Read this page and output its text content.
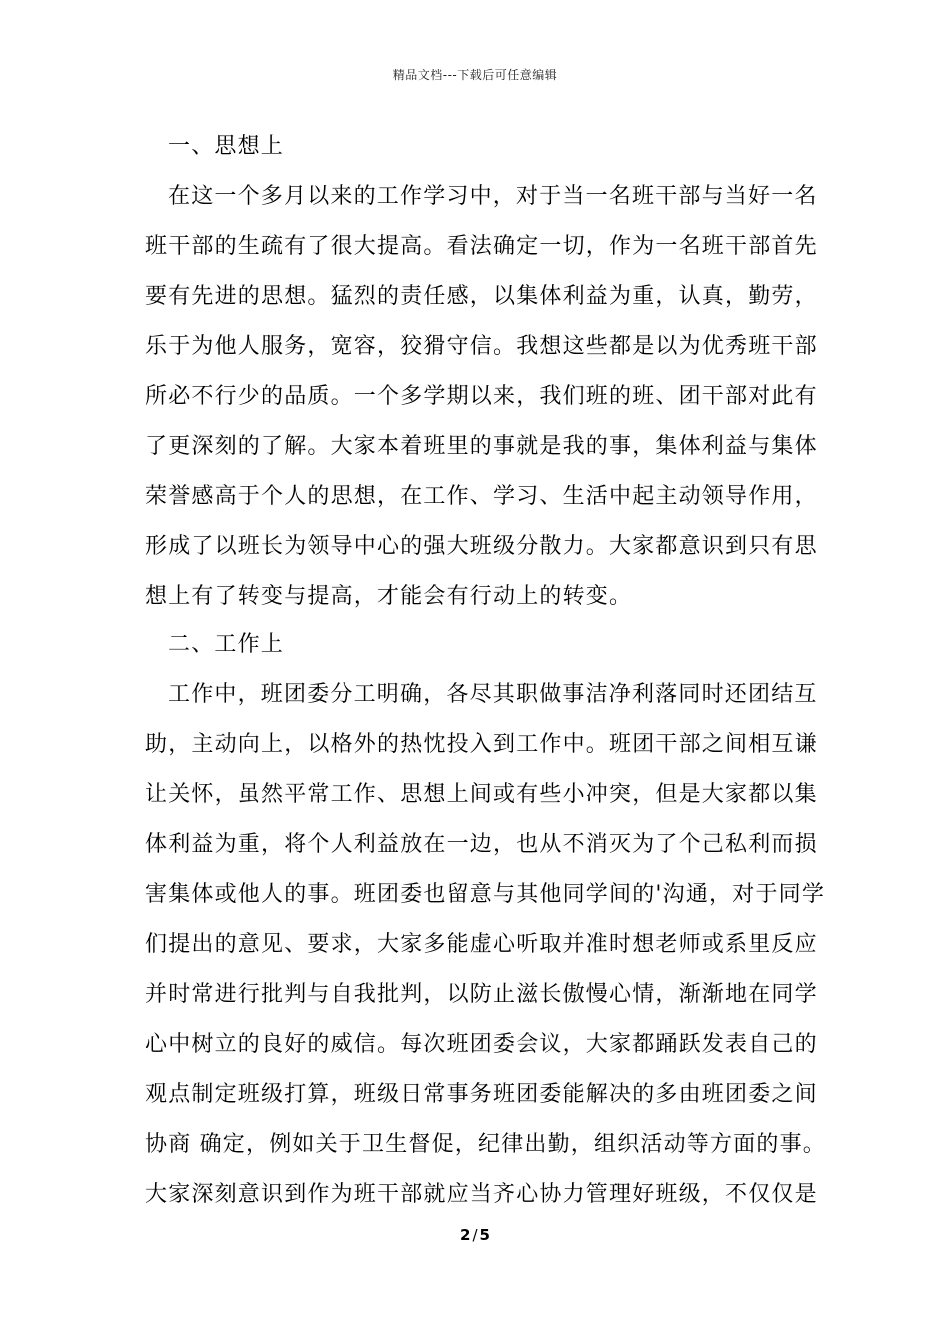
精品文档---下载后可任意编辑
一、思想上
在这一个多月以来的工作学习中，对于当一名班干部与当好一名
班干部的生疏有了很大提高。看法确定一切，作为一名班干部首先
要有先进的思想。猛烈的责任感，以集体利益为重，认真，勤劳，
乐于为他人服务，宽容，狡猾守信。我想这些都是以为优秀班干部
所必不行少的品质。一个多学期以来，我们班的班、团干部对此有
了更深刻的了解。大家本着班里的事就是我的事，集体利益与集体
荣誉感高于个人的思想，在工作、学习、生活中起主动领导作用，
形成了以班长为领导中心的强大班级分散力。大家都意识到只有思
想上有了转变与提高，才能会有行动上的转变。
二、工作上
工作中，班团委分工明确，各尽其职做事洁净利落同时还团结互
助，主动向上，以格外的热忱投入到工作中。班团干部之间相互谦
让关怀，虽然平常工作、思想上间或有些小冲突，但是大家都以集
体利益为重，将个人利益放在一边，也从不消灭为了个己私利而损
害集体或他人的事。班团委也留意与其他同学间的'沟通，对于同学
们提出的意见、要求，大家多能虚心听取并准时想老师或系里反应
并时常进行批判与自我批判，以防止滋长傲慢心情，渐渐地在同学
心中树立的良好的威信。每次班团委会议，大家都踊跃发表自己的
观点制定班级打算，班级日常事务班团委能解决的多由班团委之间
协商 确定，例如关于卫生督促，纪律出勤，组织活动等方面的事。
大家深刻意识到作为班干部就应当齐心协力管理好班级，不仅仅是
2 / 5
